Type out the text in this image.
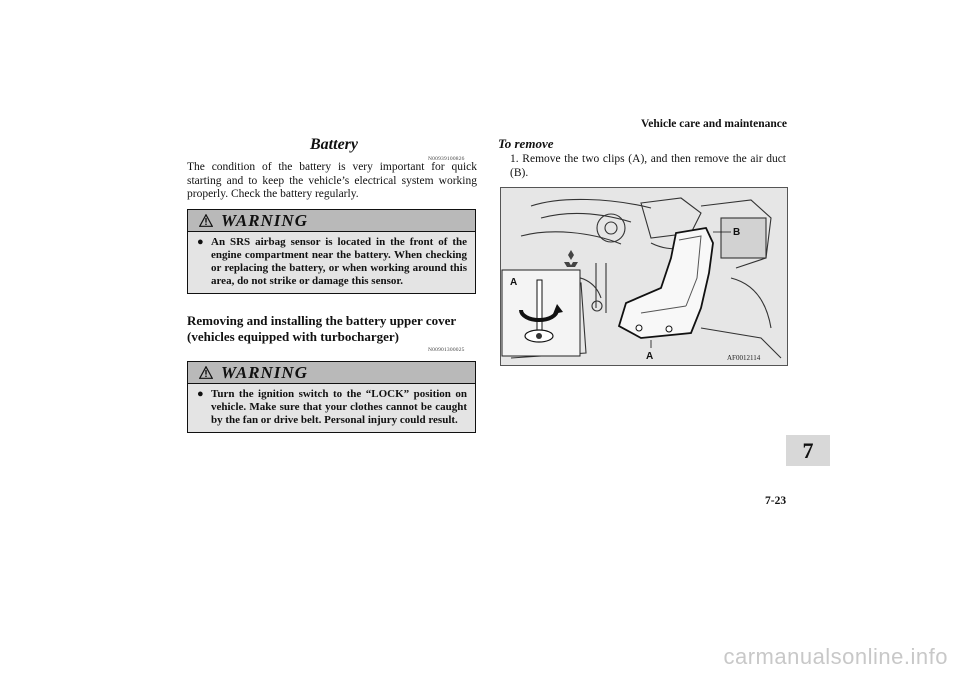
Vehicle care and maintenance
Battery
N00939100826
The condition of the battery is very important for quick starting and to keep the vehicle’s electrical system working properly. Check the battery regularly.
WARNING
● An SRS airbag sensor is located in the front of the engine compartment near the battery. When checking or replacing the battery, or when working around this area, do not strike or damage this sensor.
Removing and installing the battery upper cover (vehicles equipped with turbocharger)
N00901300025
WARNING
● Turn the ignition switch to the “LOCK” position on vehicle. Make sure that your clothes cannot be caught by the fan or drive belt. Personal injury could result.
To remove
1. Remove the two clips (A), and then remove the air duct (B).
B
A
A	AF0012114
7
7-23
carmanualsonline.info
